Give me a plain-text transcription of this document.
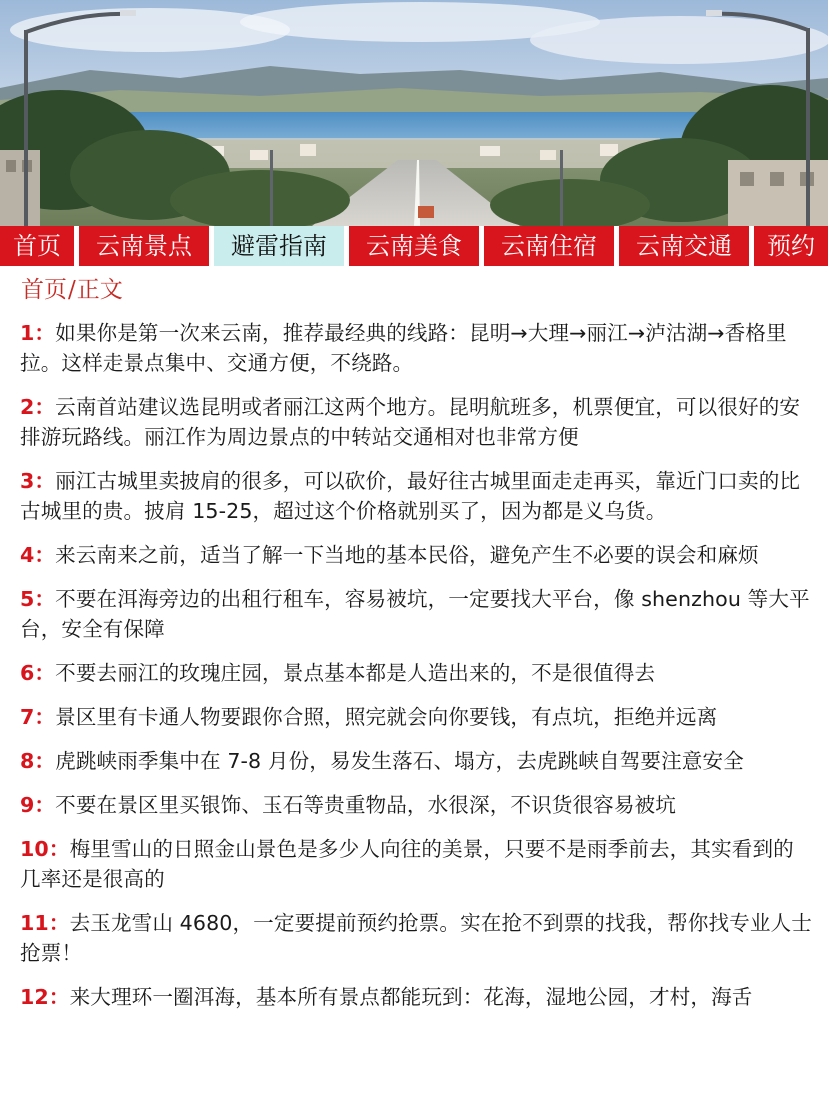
首页	云南景点	避雷指南	云南美食	云南住宿	云南交通	预约
首页/正文

1：如果你是第一次来云南，推荐最经典的线路：昆明→大理→丽江→泸沽湖→香格里拉。这样走景点集中、交通方便，不绕路。

2：云南首站建议选昆明或者丽江这两个地方。昆明航班多，机票便宜，可以很好的安排游玩路线。丽江作为周边景点的中转站交通相对也非常方便

3：丽江古城里卖披肩的很多，可以砍价，最好往古城里面走走再买，靠近门口卖的比古城里的贵。披肩 15-25，超过这个价格就别买了，因为都是义乌货。

4：来云南来之前，适当了解一下当地的基本民俗，避免产生不必要的误会和麻烦

5：不要在洱海旁边的出租行租车，容易被坑，一定要找大平台，像 shenzhou 等大平台，安全有保障

6：不要去丽江的玫瑰庄园，景点基本都是人造出来的，不是很值得去

7：景区里有卡通人物要跟你合照，照完就会向你要钱，有点坑，拒绝并远离

8：虎跳峡雨季集中在 7-8 月份，易发生落石、塌方，去虎跳峡自驾要注意安全

9：不要在景区里买银饰、玉石等贵重物品，水很深，不识货很容易被坑

10：梅里雪山的日照金山景色是多少人向往的美景，只要不是雨季前去，其实看到的几率还是很高的

11：去玉龙雪山 4680，一定要提前预约抢票。实在抢不到票的找我，帮你找专业人士抢票！

12：来大理环一圈洱海，基本所有景点都能玩到：花海，湿地公园，才村，海舌
